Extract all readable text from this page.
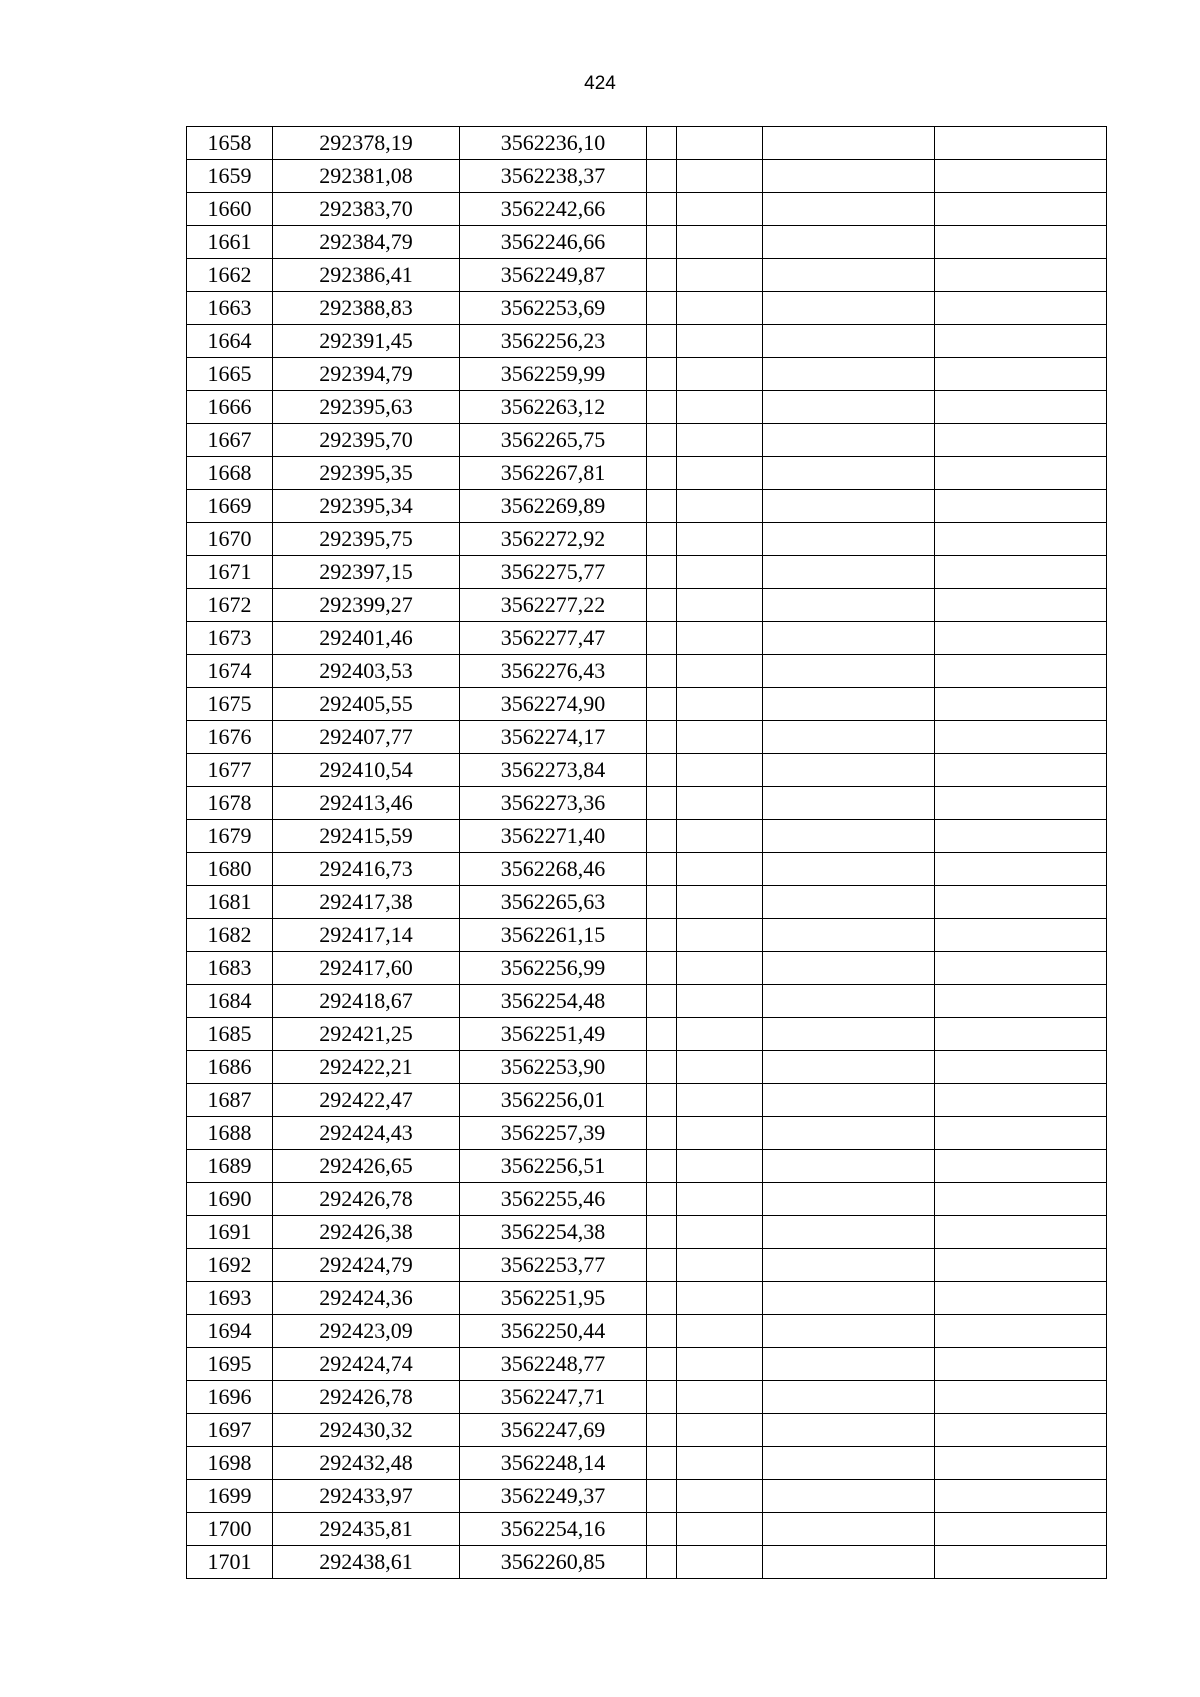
424
1658	292378,19	3562236,10				
1659	292381,08	3562238,37				
1660	292383,70	3562242,66				
1661	292384,79	3562246,66				
1662	292386,41	3562249,87				
1663	292388,83	3562253,69				
1664	292391,45	3562256,23				
1665	292394,79	3562259,99				
1666	292395,63	3562263,12				
1667	292395,70	3562265,75				
1668	292395,35	3562267,81				
1669	292395,34	3562269,89				
1670	292395,75	3562272,92				
1671	292397,15	3562275,77				
1672	292399,27	3562277,22				
1673	292401,46	3562277,47				
1674	292403,53	3562276,43				
1675	292405,55	3562274,90				
1676	292407,77	3562274,17				
1677	292410,54	3562273,84				
1678	292413,46	3562273,36				
1679	292415,59	3562271,40				
1680	292416,73	3562268,46				
1681	292417,38	3562265,63				
1682	292417,14	3562261,15				
1683	292417,60	3562256,99				
1684	292418,67	3562254,48				
1685	292421,25	3562251,49				
1686	292422,21	3562253,90				
1687	292422,47	3562256,01				
1688	292424,43	3562257,39				
1689	292426,65	3562256,51				
1690	292426,78	3562255,46				
1691	292426,38	3562254,38				
1692	292424,79	3562253,77				
1693	292424,36	3562251,95				
1694	292423,09	3562250,44				
1695	292424,74	3562248,77				
1696	292426,78	3562247,71				
1697	292430,32	3562247,69				
1698	292432,48	3562248,14				
1699	292433,97	3562249,37				
1700	292435,81	3562254,16				
1701	292438,61	3562260,85				
